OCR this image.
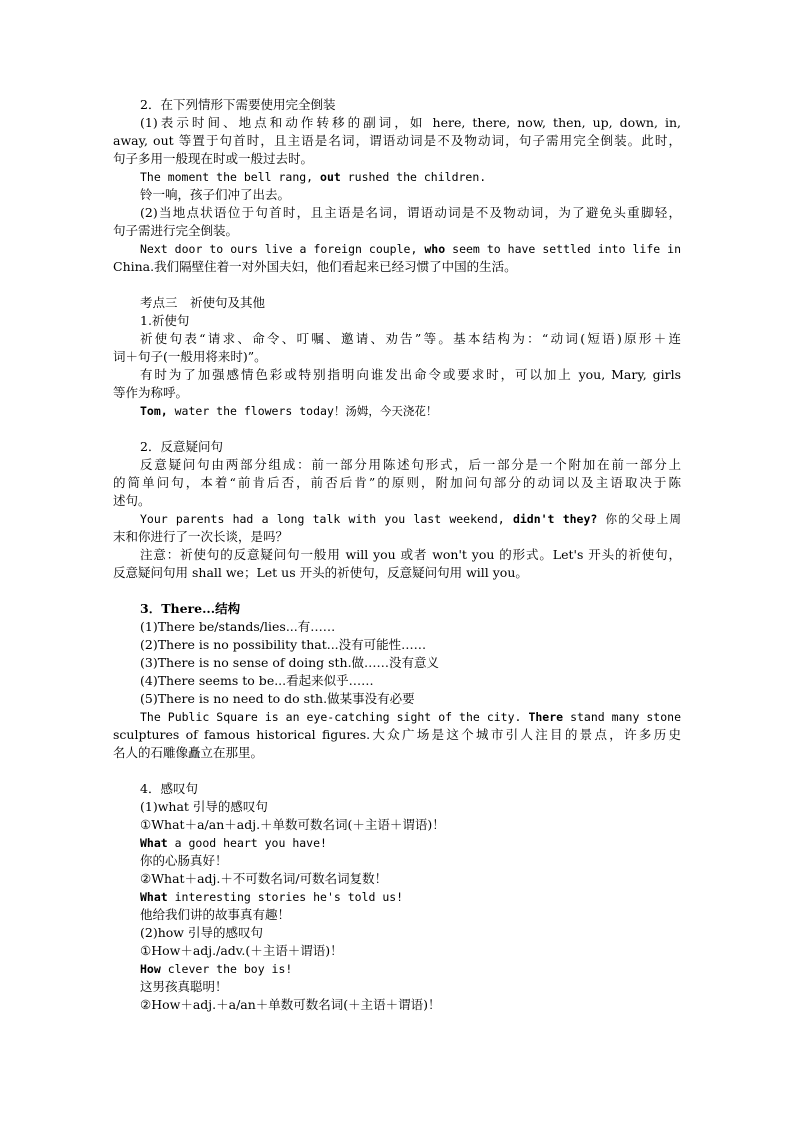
2．在下列情形下需要使用完全倒装
(1)表示时间、地点和动作转移的副词，如 here, there, now, then, up, down, in,
away, out 等置于句首时，且主语是名词，谓语动词是不及物动词，句子需用完全倒装。此时，
句子多用一般现在时或一般过去时。
The moment the bell rang, out rushed the children.
铃一响，孩子们冲了出去。
(2)当地点状语位于句首时，且主语是名词，谓语动词是不及物动词，为了避免头重脚轻，
句子需进行完全倒装。
Next door to ours live a foreign couple, who seem to have settled into life in
China.我们隔壁住着一对外国夫妇，他们看起来已经习惯了中国的生活。
考点三　祈使句及其他
1.祈使句
祈使句表“请求、命令、叮嘱、邀请、劝告”等。基本结构为：“动词(短语)原形＋连
词＋句子(一般用将来时)”。
有时为了加强感情色彩或特别指明向谁发出命令或要求时，可以加上 you, Mary, girls
等作为称呼。
Tom, water the flowers today！汤姆，今天浇花！
2．反意疑问句
反意疑问句由两部分组成：前一部分用陈述句形式，后一部分是一个附加在前一部分上
的简单问句，本着“前肯后否，前否后肯”的原则，附加问句部分的动词以及主语取决于陈
述句。
Your parents had a long talk with you last weekend, didn't they? 你的父母上周
末和你进行了一次长谈，是吗？
注意：祈使句的反意疑问句一般用 will you 或者 won't you 的形式。Let's 开头的祈使句，
反意疑问句用 shall we；Let us 开头的祈使句，反意疑问句用 will you。
3．There...结构
(1)There be/stands/lies...有……
(2)There is no possibility that...没有可能性……
(3)There is no sense of doing sth.做……没有意义
(4)There seems to be...看起来似乎……
(5)There is no need to do sth.做某事没有必要
The Public Square is an eye-catching sight of the city. There stand many stone
sculptures of famous historical figures.大众广场是这个城市引人注目的景点，许多历史
名人的石雕像矗立在那里。
4．感叹句
(1)what 引导的感叹句
①What＋a/an＋adj.＋单数可数名词(＋主语＋谓语)！
What a good heart you have!
你的心肠真好！
②What＋adj.＋不可数名词/可数名词复数！
What interesting stories he's told us!
他给我们讲的故事真有趣！
(2)how 引导的感叹句
①How＋adj./adv.(＋主语＋谓语)！
How clever the boy is!
这男孩真聪明！
②How＋adj.＋a/an＋单数可数名词(＋主语＋谓语)！
